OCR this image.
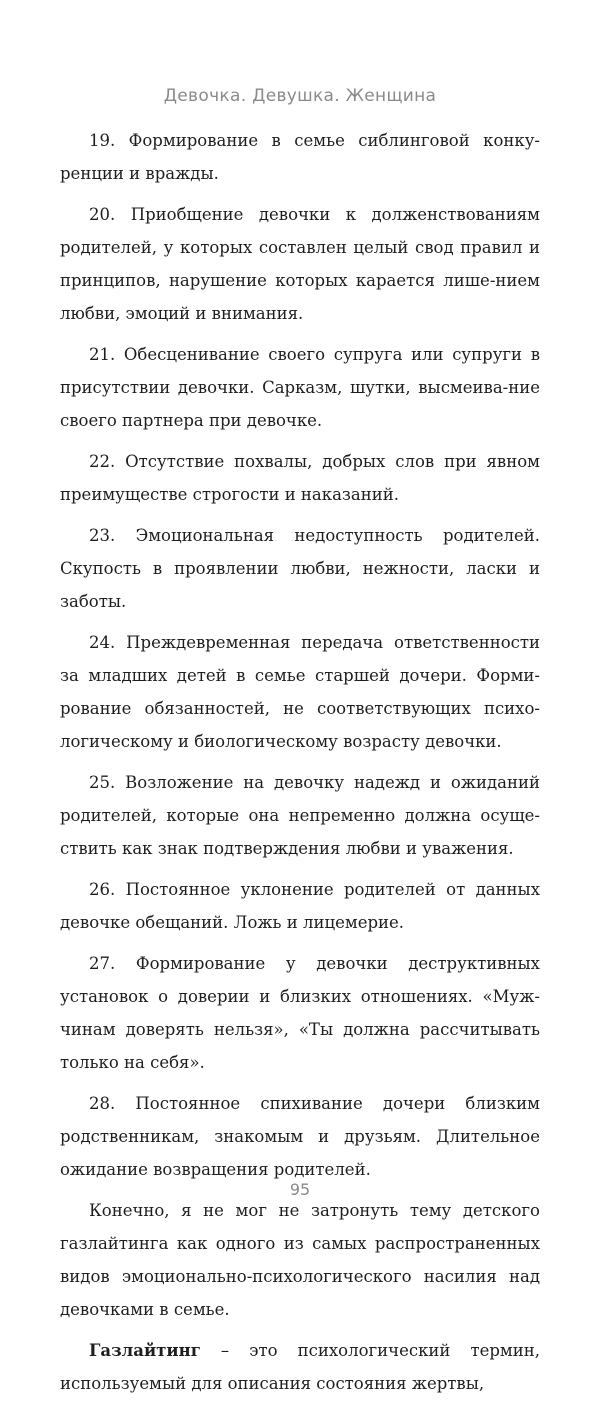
Девочка. Девушка. Женщина

19. Формирование в семье сиблинговой конку-ренции и вражды.

20. Приобщение девочки к долженствованиям родителей, у которых составлен целый свод правил и принципов, нарушение которых карается лише-нием любви, эмоций и внимания.

21. Обесценивание своего супруга или супруги в присутствии девочки. Сарказм, шутки, высмеива-ние своего партнера при девочке.

22. Отсутствие похвалы, добрых слов при явном преимуществе строгости и наказаний.

23. Эмоциональная недоступность родителей. Скупость в проявлении любви, нежности, ласки и заботы.

24. Преждевременная передача ответственности за младших детей в семье старшей дочери. Форми-рование обязанностей, не соответствующих психо-логическому и биологическому возрасту девочки.

25. Возложение на девочку надежд и ожиданий родителей, которые она непременно должна осуще-ствить как знак подтверждения любви и уважения.

26. Постоянное уклонение родителей от данных девочке обещаний. Ложь и лицемерие.

27. Формирование у девочки деструктивных установок о доверии и близких отношениях. «Муж-чинам доверять нельзя», «Ты должна рассчитывать только на себя».

28. Постоянное спихивание дочери близким родственникам, знакомым и друзьям. Длительное ожидание возвращения родителей.

Конечно, я не мог не затронуть тему детского газлайтинга как одного из самых распространенных видов эмоционально-психологического насилия над девочками в семье.

Газлайтинг – это психологический термин, используемый для описания состояния жертвы,

95
